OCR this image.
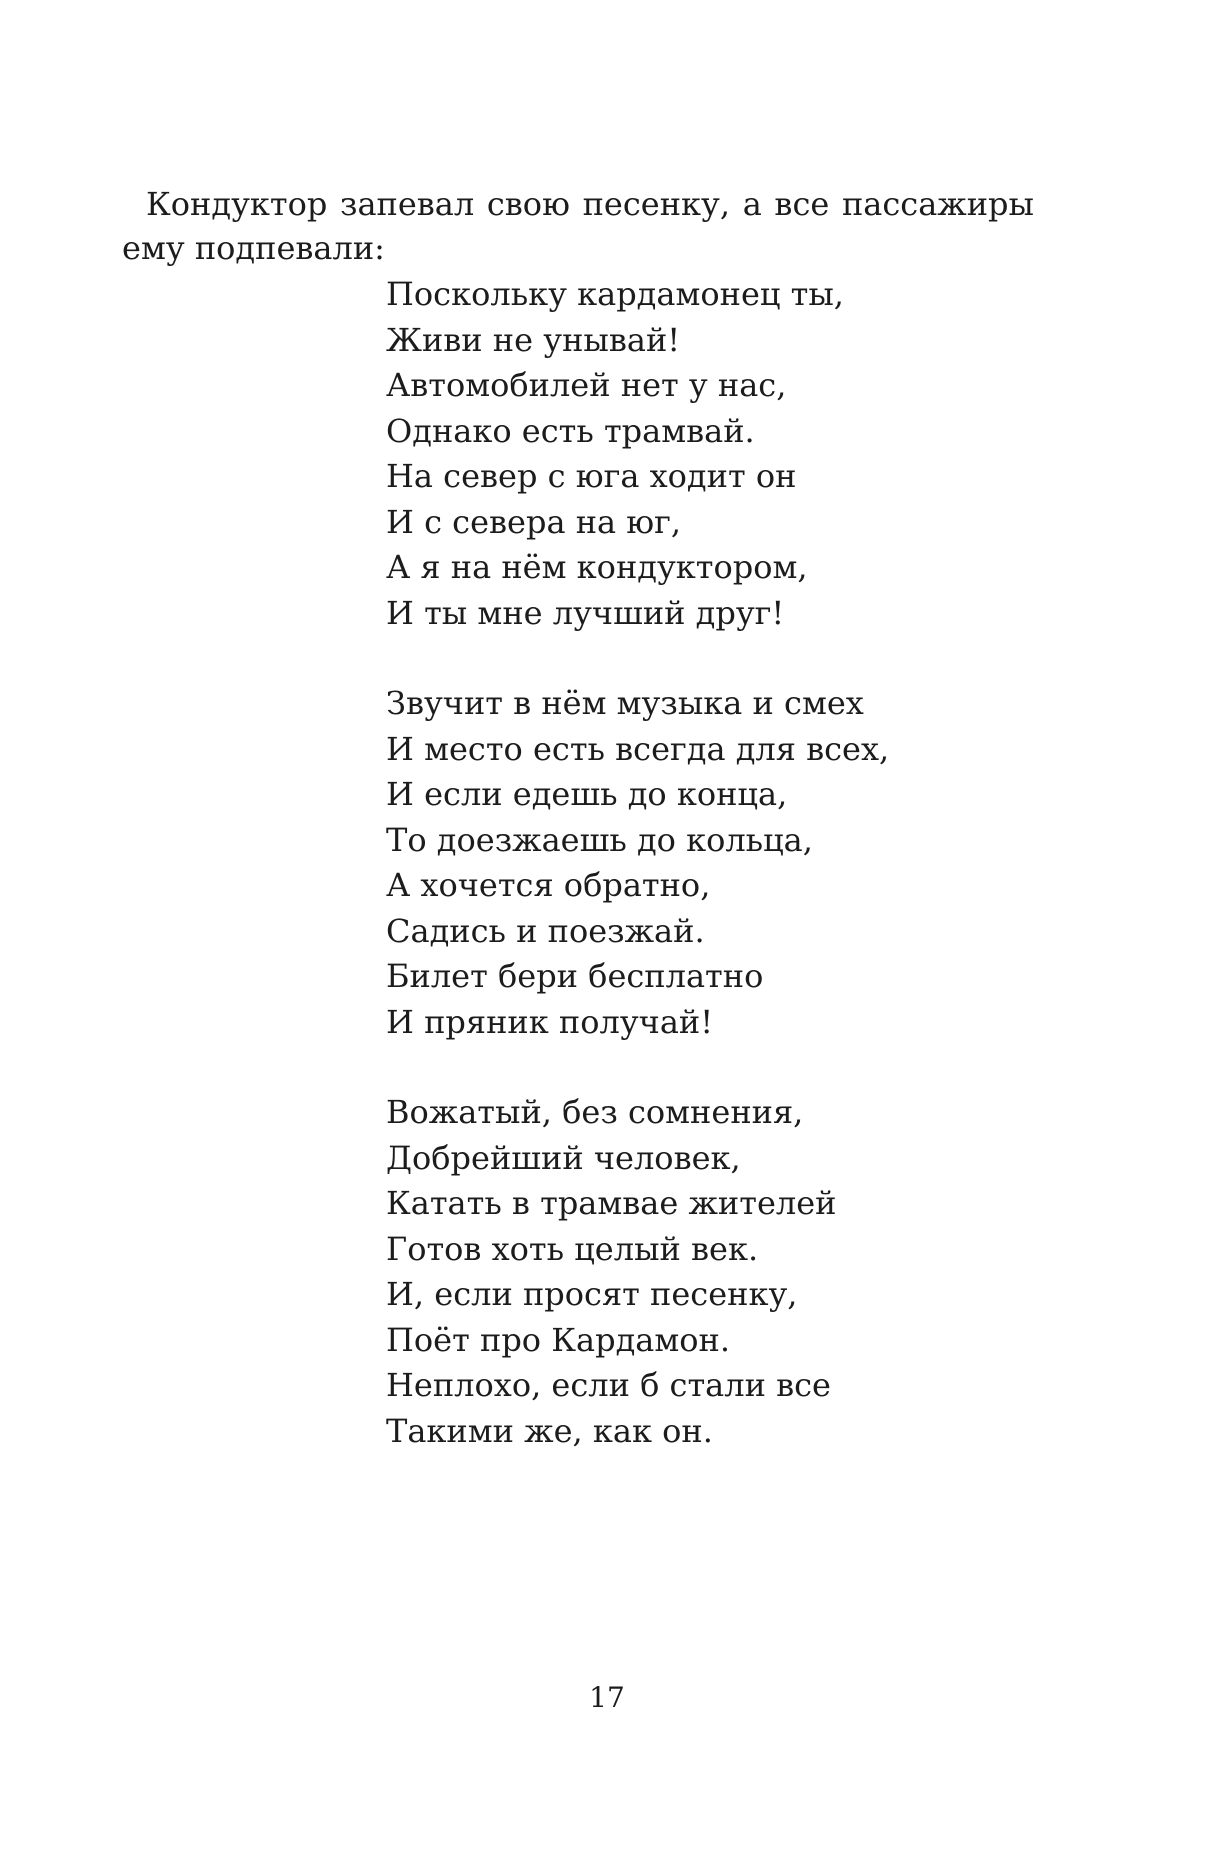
Кондуктор запевал свою песенку, а все пассажиры
ему подпевали:
Поскольку кардамонец ты,
Живи не унывай!
Автомобилей нет у нас,
Однако есть трамвай.
На север с юга ходит он
И с севера на юг,
А я на нём кондуктором,
И ты мне лучший друг!
Звучит в нём музыка и смех
И место есть всегда для всех,
И если едешь до конца,
То доезжаешь до кольца,
А хочется обратно,
Садись и поезжай.
Билет бери бесплатно
И пряник получай!
Вожатый, без сомнения,
Добрейший человек,
Катать в трамвае жителей
Готов хоть целый век.
И, если просят песенку,
Поёт про Кардамон.
Неплохо, если б стали все
Такими же, как он.
17
